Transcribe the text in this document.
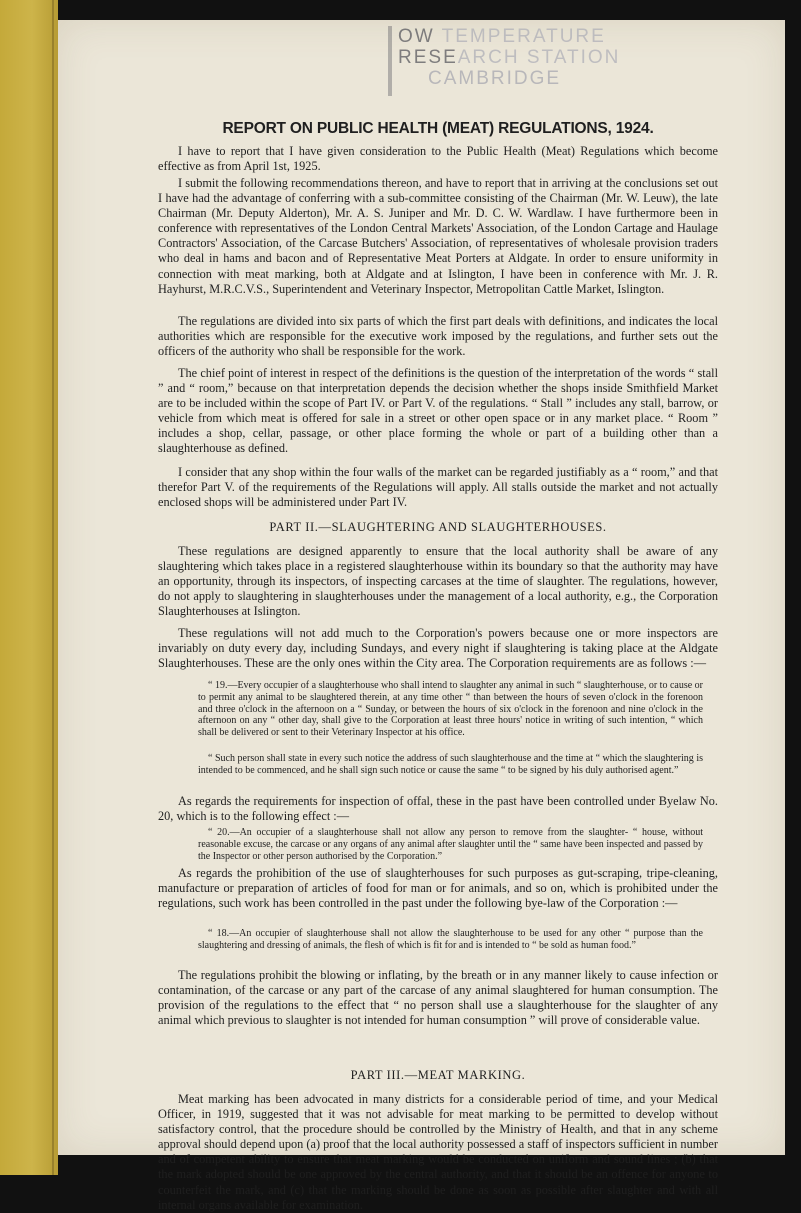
OW TEMPERATURE
RESEARCH STATION
CAMBRIDGE
REPORT ON PUBLIC HEALTH (MEAT) REGULATIONS, 1924.

I have to report that I have given consideration to the Public Health (Meat) Regulations which become effective as from April 1st, 1925.

I submit the following recommendations thereon, and have to report that in arriving at the conclusions set out I have had the advantage of conferring with a sub-committee consisting of the Chairman (Mr. W. Leuw), the late Chairman (Mr. Deputy Alderton), Mr. A. S. Juniper and Mr. D. C. W. Wardlaw. I have furthermore been in conference with representatives of the London Central Markets' Association, of the London Cartage and Haulage Contractors' Association, of the Carcase Butchers' Association, of representatives of wholesale provision traders who deal in hams and bacon and of Representative Meat Porters at Aldgate. In order to ensure uniformity in connection with meat marking, both at Aldgate and at Islington, I have been in conference with Mr. J. R. Hayhurst, M.R.C.V.S., Superintendent and Veterinary Inspector, Metropolitan Cattle Market, Islington.

The regulations are divided into six parts of which the first part deals with definitions, and indicates the local authorities which are responsible for the executive work imposed by the regulations, and further sets out the officers of the authority who shall be responsible for the work.

The chief point of interest in respect of the definitions is the question of the interpretation of the words “ stall ” and “ room,” because on that interpretation depends the decision whether the shops inside Smithfield Market are to be included within the scope of Part IV. or Part V. of the regulations. “ Stall ” includes any stall, barrow, or vehicle from which meat is offered for sale in a street or other open space or in any market place. “ Room ” includes a shop, cellar, passage, or other place forming the whole or part of a building other than a slaughterhouse as defined.

I consider that any shop within the four walls of the market can be regarded justifiably as a “ room,” and that therefor Part V. of the requirements of the Regulations will apply. All stalls outside the market and not actually enclosed shops will be administered under Part IV.

PART II.—SLAUGHTERING AND SLAUGHTERHOUSES.

These regulations are designed apparently to ensure that the local authority shall be aware of any slaughtering which takes place in a registered slaughterhouse within its boundary so that the authority may have an opportunity, through its inspectors, of inspecting carcases at the time of slaughter. The regulations, however, do not apply to slaughtering in slaughterhouses under the management of a local authority, e.g., the Corporation Slaughterhouses at Islington.

These regulations will not add much to the Corporation's powers because one or more inspectors are invariably on duty every day, including Sundays, and every night if slaughtering is taking place at the Aldgate Slaughterhouses. These are the only ones within the City area. The Corporation requirements are as follows :—

“ 19.—Every occupier of a slaughterhouse who shall intend to slaughter any animal in such “ slaughterhouse, or to cause or to permit any animal to be slaughtered therein, at any time other “ than between the hours of seven o'clock in the forenoon and three o'clock in the afternoon on a “ Sunday, or between the hours of six o'clock in the forenoon and nine o'clock in the afternoon on any “ other day, shall give to the Corporation at least three hours' notice in writing of such intention, “ which shall be delivered or sent to their Veterinary Inspector at his office.

“ Such person shall state in every such notice the address of such slaughterhouse and the time at “ which the slaughtering is intended to be commenced, and he shall sign such notice or cause the same “ to be signed by his duly authorised agent.”

As regards the requirements for inspection of offal, these in the past have been controlled under Byelaw No. 20, which is to the following effect :—

“ 20.—An occupier of a slaughterhouse shall not allow any person to remove from the slaughter- “ house, without reasonable excuse, the carcase or any organs of any animal after slaughter until the “ same have been inspected and passed by the Inspector or other person authorised by the Corporation.”

As regards the prohibition of the use of slaughterhouses for such purposes as gut-scraping, tripe-cleaning, manufacture or preparation of articles of food for man or for animals, and so on, which is prohibited under the regulations, such work has been controlled in the past under the following bye-law of the Corporation :—

“ 18.—An occupier of slaughterhouse shall not allow the slaughterhouse to be used for any other “ purpose than the slaughtering and dressing of animals, the flesh of which is fit for and is intended to “ be sold as human food.”

The regulations prohibit the blowing or inflating, by the breath or in any manner likely to cause infection or contamination, of the carcase or any part of the carcase of any animal slaughtered for human consumption. The provision of the regulations to the effect that “ no person shall use a slaughterhouse for the slaughter of any animal which previous to slaughter is not intended for human consumption ” will prove of considerable value.

PART III.—MEAT MARKING.

Meat marking has been advocated in many districts for a considerable period of time, and your Medical Officer, in 1919, suggested that it was not advisable for meat marking to be permitted to develop without satisfactory control, that the procedure should be controlled by the Ministry of Health, and that in any scheme approval should depend upon (a) proof that the local authority possessed a staff of inspectors sufficient in number and of competent ability to ensure that meat marking would be conducted on uniform and sound lines ; (b) that the mark adopted should be one approved by the central authority, and that it should be an offence for anyone to counterfeit the mark, and (c) that the marking should be done as soon as possible after slaughter and with all internal organs available for examination.
